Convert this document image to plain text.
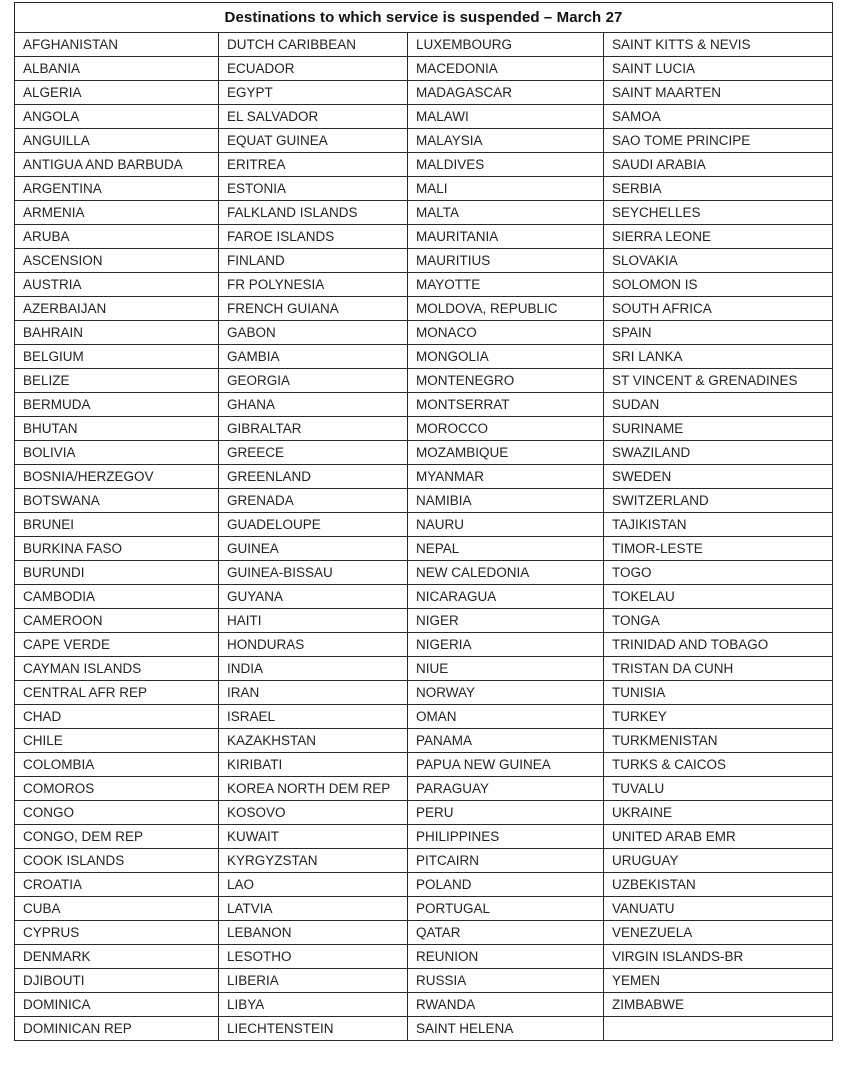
Destinations to which service is suspended – March 27			
AFGHANISTAN	DUTCH CARIBBEAN	LUXEMBOURG	SAINT KITTS & NEVIS
ALBANIA	ECUADOR	MACEDONIA	SAINT LUCIA
ALGERIA	EGYPT	MADAGASCAR	SAINT MAARTEN
ANGOLA	EL SALVADOR	MALAWI	SAMOA
ANGUILLA	EQUAT GUINEA	MALAYSIA	SAO TOME PRINCIPE
ANTIGUA AND BARBUDA	ERITREA	MALDIVES	SAUDI ARABIA
ARGENTINA	ESTONIA	MALI	SERBIA
ARMENIA	FALKLAND ISLANDS	MALTA	SEYCHELLES
ARUBA	FAROE ISLANDS	MAURITANIA	SIERRA LEONE
ASCENSION	FINLAND	MAURITIUS	SLOVAKIA
AUSTRIA	FR POLYNESIA	MAYOTTE	SOLOMON IS
AZERBAIJAN	FRENCH GUIANA	MOLDOVA, REPUBLIC	SOUTH AFRICA
BAHRAIN	GABON	MONACO	SPAIN
BELGIUM	GAMBIA	MONGOLIA	SRI LANKA
BELIZE	GEORGIA	MONTENEGRO	ST VINCENT & GRENADINES
BERMUDA	GHANA	MONTSERRAT	SUDAN
BHUTAN	GIBRALTAR	MOROCCO	SURINAME
BOLIVIA	GREECE	MOZAMBIQUE	SWAZILAND
BOSNIA/HERZEGOV	GREENLAND	MYANMAR	SWEDEN
BOTSWANA	GRENADA	NAMIBIA	SWITZERLAND
BRUNEI	GUADELOUPE	NAURU	TAJIKISTAN
BURKINA FASO	GUINEA	NEPAL	TIMOR-LESTE
BURUNDI	GUINEA-BISSAU	NEW CALEDONIA	TOGO
CAMBODIA	GUYANA	NICARAGUA	TOKELAU
CAMEROON	HAITI	NIGER	TONGA
CAPE VERDE	HONDURAS	NIGERIA	TRINIDAD AND TOBAGO
CAYMAN ISLANDS	INDIA	NIUE	TRISTAN DA CUNH
CENTRAL AFR REP	IRAN	NORWAY	TUNISIA
CHAD	ISRAEL	OMAN	TURKEY
CHILE	KAZAKHSTAN	PANAMA	TURKMENISTAN
COLOMBIA	KIRIBATI	PAPUA NEW GUINEA	TURKS & CAICOS
COMOROS	KOREA NORTH DEM REP	PARAGUAY	TUVALU
CONGO	KOSOVO	PERU	UKRAINE
CONGO, DEM REP	KUWAIT	PHILIPPINES	UNITED ARAB EMR
COOK ISLANDS	KYRGYZSTAN	PITCAIRN	URUGUAY
CROATIA	LAO	POLAND	UZBEKISTAN
CUBA	LATVIA	PORTUGAL	VANUATU
CYPRUS	LEBANON	QATAR	VENEZUELA
DENMARK	LESOTHO	REUNION	VIRGIN ISLANDS-BR
DJIBOUTI	LIBERIA	RUSSIA	YEMEN
DOMINICA	LIBYA	RWANDA	ZIMBABWE
DOMINICAN REP	LIECHTENSTEIN	SAINT HELENA	
